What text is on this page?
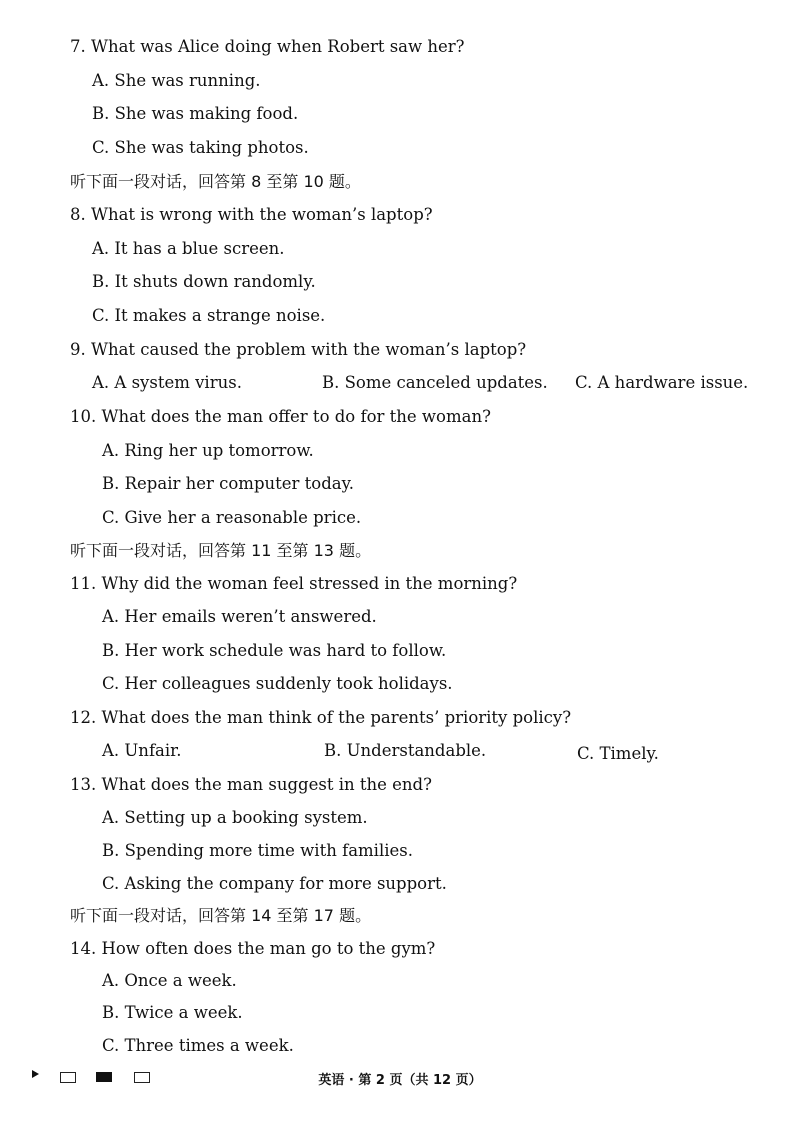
7. What was Alice doing when Robert saw her?
A. She was running.
B. She was making food.
C. She was taking photos.
听下面一段对话，回答第 8 至第 10 题。
8. What is wrong with the woman’s laptop?
A. It has a blue screen.
B. It shuts down randomly.
C. It makes a strange noise.
9. What caused the problem with the woman’s laptop?
A. A system virus.	B. Some canceled updates. C. A hardware issue.
10. What does the man offer to do for the woman?
A. Ring her up tomorrow.
B. Repair her computer today.
C. Give her a reasonable price.
听下面一段对话，回答第 11 至第 13 题。
11. Why did the woman feel stressed in the morning?
A. Her emails weren’t answered.
B. Her work schedule was hard to follow.
C. Her colleagues suddenly took holidays.
12. What does the man think of the parents’ priority policy?
A. Unfair.	B. Understandable.	C. Timely.
13. What does the man suggest in the end?
A. Setting up a booking system.
B. Spending more time with families.
C. Asking the company for more support.
听下面一段对话，回答第 14 至第 17 题。
14. How often does the man go to the gym?
A. Once a week.
B. Twice a week.
C. Three times a week.
英语 · 第 2 页（共 12 页）
